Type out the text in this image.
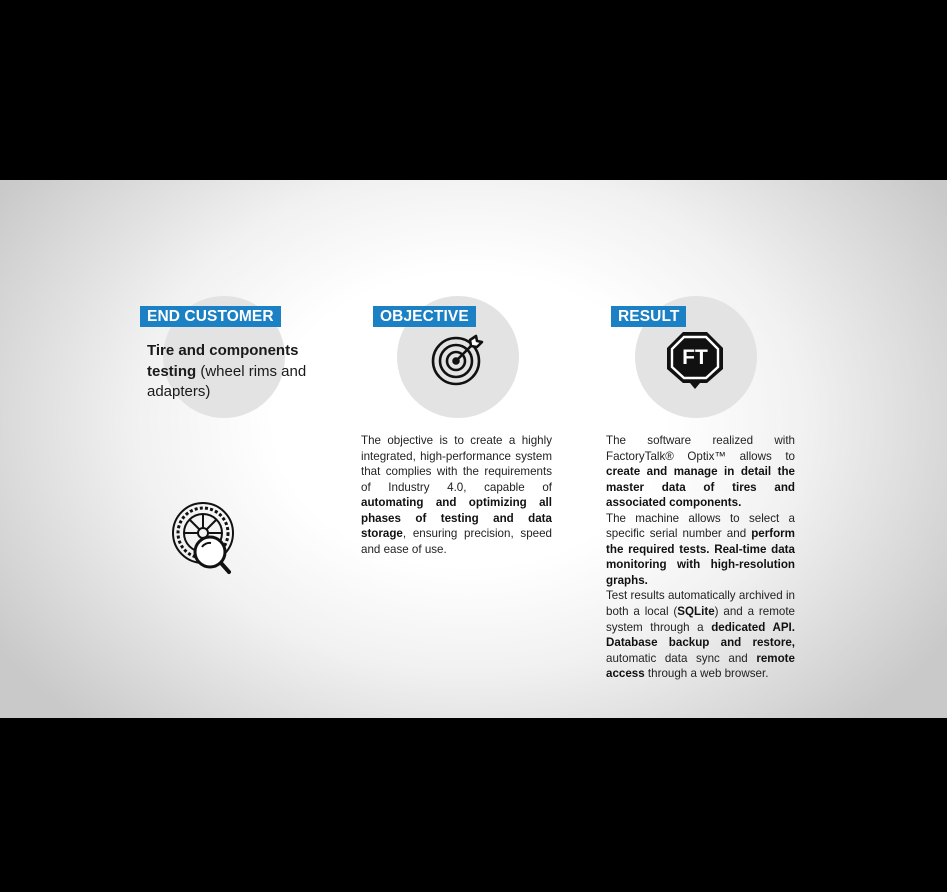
END CUSTOMER
Tire and components testing (wheel rims and adapters)
OBJECTIVE
The objective is to create a highly integrated, high-performance system that complies with the requirements of Industry 4.0, capable of automating and optimizing all phases of testing and data storage, ensuring precision, speed and ease of use.
RESULT
FT
The software realized with FactoryTalk® Optix™ allows to create and manage in detail the master data of tires and associated components.
The machine allows to select a specific serial number and perform the required tests. Real-time data monitoring with high-resolution graphs.
Test results automatically archived in both a local (SQLite) and a remote system through a dedicated API. Database backup and restore, automatic data sync and remote access through a web browser.
